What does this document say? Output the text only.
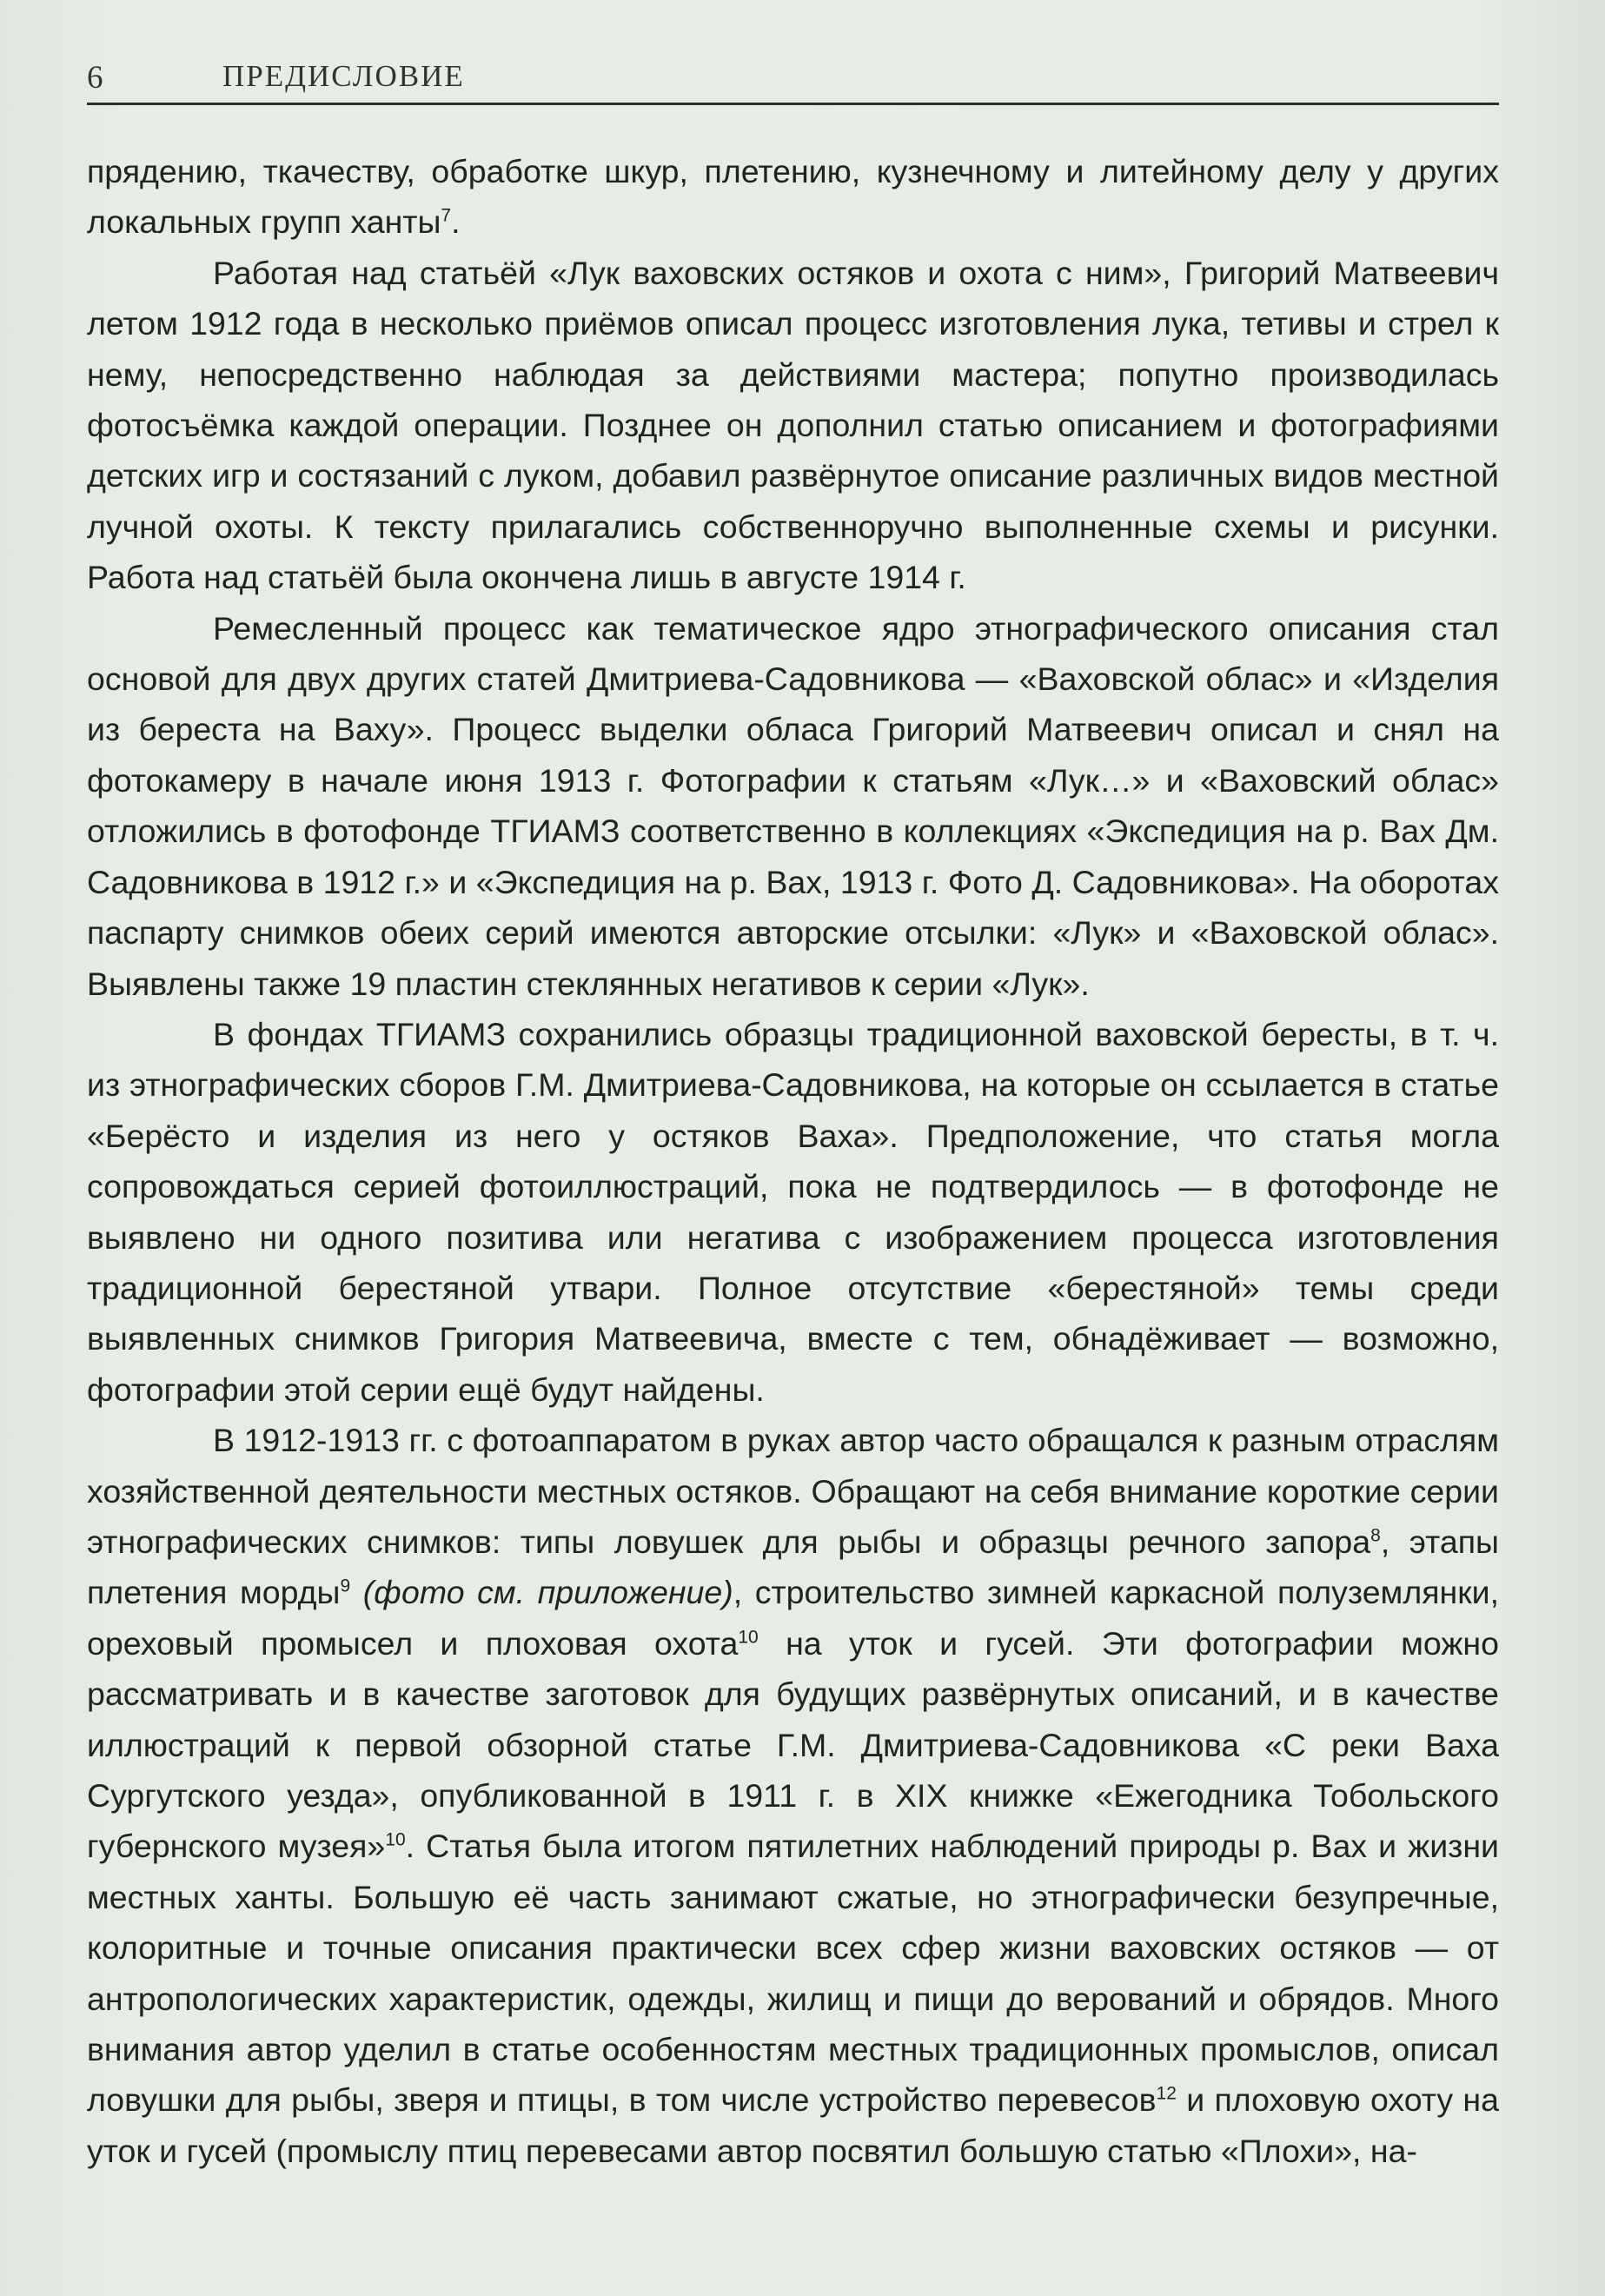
6	ПРЕДИСЛОВИЕ

прядению, ткачеству, обработке шкур, плетению, кузнечному и литейному делу у других локальных групп ханты$^7$.

Работая над статьёй «Лук ваховских остяков и охота с ним», Григорий Матвеевич летом 1912 года в несколько приёмов описал процесс изготовления лука, тетивы и стрел к нему, непосредственно наблюдая за действиями мастера; попутно производилась фотосъёмка каждой операции. Позднее он дополнил статью описанием и фотографиями детских игр и состязаний с луком, добавил развёрнутое описание различных видов местной лучной охоты. К тексту прилагались собственноручно выполненные схемы и рисунки. Работа над статьёй была окончена лишь в августе 1914 г.

Ремесленный процесс как тематическое ядро этнографического описания стал основой для двух других статей Дмитриева-Садовникова — «Ваховской облас» и «Изделия из береста на Ваху». Процесс выделки обласа Григорий Матвеевич описал и снял на фотокамеру в начале июня 1913 г. Фотографии к статьям «Лук…» и «Ваховский облас» отложились в фотофонде ТГИАМЗ соответственно в коллекциях «Экспедиция на р. Вах Дм. Садовникова в 1912 г.» и «Экспедиция на р. Вах, 1913 г. Фото Д. Садовникова». На оборотах паспарту снимков обеих серий имеются авторские отсылки: «Лук» и «Ваховской облас». Выявлены также 19 пластин стеклянных негативов к серии «Лук».

В фондах ТГИАМЗ сохранились образцы традиционной ваховской бересты, в т. ч. из этнографических сборов Г.М. Дмитриева-Садовникова, на которые он ссылается в статье «Берёсто и изделия из него у остяков Ваха». Предположение, что статья могла сопровождаться серией фотоиллюстраций, пока не подтвердилось — в фотофонде не выявлено ни одного позитива или негатива с изображением процесса изготовления традиционной берестяной утвари. Полное отсутствие «берестяной» темы среди выявленных снимков Григория Матвеевича, вместе с тем, обнадёживает — возможно, фотографии этой серии ещё будут найдены.

В 1912-1913 гг. с фотоаппаратом в руках автор часто обращался к разным отраслям хозяйственной деятельности местных остяков. Обращают на себя внимание короткие серии этнографических снимков: типы ловушек для рыбы и образцы речного запора$^8$, этапы плетения морды$^9$ (фото см. приложение), строительство зимней каркасной полуземлянки, ореховый промысел и плоховая охота$^{10}$ на уток и гусей. Эти фотографии можно рассматривать и в качестве заготовок для будущих развёрнутых описаний, и в качестве иллюстраций к первой обзорной статье Г.М. Дмитриева-Садовникова «С реки Ваха Сургутского уезда», опубликованной в 1911 г. в XIX книжке «Ежегодника Тобольского губернского музея»$^{10}$. Статья была итогом пятилетних наблюдений природы р. Вах и жизни местных ханты. Большую её часть занимают сжатые, но этнографически безупречные, колоритные и точные описания практически всех сфер жизни ваховских остяков — от антропологических характеристик, одежды, жилищ и пищи до верований и обрядов. Много внимания автор уделил в статье особенностям местных традиционных промыслов, описал ловушки для рыбы, зверя и птицы, в том числе устройство перевесов$^{12}$ и плоховую охоту на уток и гусей (промыслу птиц перевесами автор посвятил большую статью «Плохи», на-
